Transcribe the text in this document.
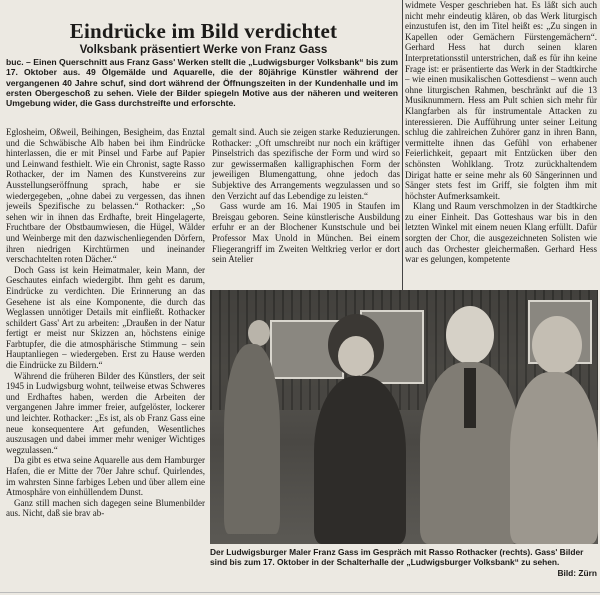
Eindrücke im Bild verdichtet
Volksbank präsentiert Werke von Franz Gass

buc. – Einen Querschnitt aus Franz Gass' Werken stellt die „Ludwigsburger Volksbank“ bis zum 17. Oktober aus. 49 Ölgemälde und Aquarelle, die der 80jährige Künstler während der vergangenen 40 Jahre schuf, sind dort während der Öffnungszeiten in der Kundenhalle und im ersten Obergeschoß zu sehen. Viele der Bilder spiegeln Motive aus der näheren und weiteren Umgebung wider, die Gass durchstreifte und erforschte.

Eglosheim, Oßweil, Beihingen, Besigheim, das Enztal und die Schwäbische Alb haben bei ihm Eindrücke hinterlassen, die er mit Pinsel und Farbe auf Papier und Leinwand festhielt. Wie ein Chronist, sagte Rasso Rothacker, der im Namen des Kunstvereins zur Ausstellungseröffnung sprach, habe er sie wiedergegeben, „ohne dabei zu vergessen, das ihnen jeweils Spezifische zu belassen.“ Rothacker: „So sehen wir in ihnen das Erdhafte, breit Hingelagerte, Fruchtbare der Obstbaumwiesen, die Hügel, Wälder und Weinberge mit den dazwischenliegenden Dörfern, ihren niedrigen Kirchtürmen und ineinander verschachtelten roten Dächer.“

Doch Gass ist kein Heimatmaler, kein Mann, der Geschautes einfach wiedergibt. Ihm geht es darum, Eindrücke zu verdichten. Die Erinnerung an das Gesehene ist als eine Komponente, die durch das Weglassen unnötiger Details mit einfließt. Rothacker schildert Gass' Art zu arbeiten: „Draußen in der Natur fertigt er meist nur Skizzen an, höchstens einige Farbtupfer, die die atmosphärische Stimmung – sein Hauptanliegen – wiedergeben. Erst zu Hause werden die Eindrücke zu Bildern.“

Während die früheren Bilder des Künstlers, der seit 1945 in Ludwigsburg wohnt, teilweise etwas Schweres und Erdhaftes haben, werden die Arbeiten der vergangenen Jahre immer freier, aufgelöster, lockerer und leichter. Rothacker: „Es ist, als ob Franz Gass eine neue konsequentere Art gefunden, Wesentliches auszusagen und dabei immer mehr weniger Wichtiges wegzulassen.“

Da gibt es etwa seine Aquarelle aus dem Hamburger Hafen, die er Mitte der 70er Jahre schuf. Quirlendes, im wahrsten Sinne farbiges Leben und über allem eine Atmosphäre von einhüllendem Dunst.

Ganz still machen sich dagegen seine Blumenbilder aus. Nicht, daß sie brav ab-

gemalt sind. Auch sie zeigen starke Reduzierungen. Rothacker: „Oft umschreibt nur noch ein kräftiger Pinselstrich das spezifische der Form und wird so zur gewissermaßen kalligraphischen Form der jeweiligen Blumengattung, ohne jedoch das Subjektive des Arrangements wegzulassen und so den Verzicht auf das Lebendige zu leisten.“

Gass wurde am 16. Mai 1905 in Staufen im Breisgau geboren. Seine künstlerische Ausbildung erfuhr er an der Blochener Kunstschule und bei Professor Max Unold in München. Bei einem Fliegerangriff im Zweiten Weltkrieg verlor er dort sein Atelier

widmete Vesper geschrieben hat. Es läßt sich auch nicht mehr eindeutig klären, ob das Werk liturgisch einzustufen ist, den im Titel heißt es: „Zu singen in Kapellen oder Gemächern Fürstengemächern“. Gerhard Hess hat durch seinen klaren Interpretationsstil unterstrichen, daß es für ihn keine Frage ist: er präsentierte das Werk in der Stadtkirche – wie einen musikalischen Gottesdienst – wenn auch ohne liturgischen Rahmen, beschränkt auf die 13 Musiknummern. Hess am Pult schien sich mehr für Klangfarben als für instrumentale Attacken zu interessieren. Die Aufführung unter seiner Leitung schlug die zahlreichen Zuhörer ganz in ihren Bann, vermittelte ihnen das Gefühl von erhabener Feierlichkeit, gepaart mit Entzücken über den schönsten Wohlklang. Trotz zurückhaltendem Dirigat hatte er seine mehr als 60 Sängerinnen und Sänger stets fest im Griff, sie folgten ihm mit höchster Aufmerksamkeit.

Klang und Raum verschmolzen in der Stadtkirche zu einer Einheit. Das Gotteshaus war bis in den letzten Winkel mit einem neuen Klang erfüllt. Dafür sorgten der Chor, die ausgezeichneten Solisten wie auch das Orchester gleichermaßen. Gerhard Hess war es gelungen, kompetente

Der Ludwigsburger Maler Franz Gass im Gespräch mit Rasso Rothacker (rechts). Gass' Bilder sind bis zum 17. Oktober in der Schalterhalle der „Ludwigsburger Volksbank“ zu sehen.

Bild: Zürn
